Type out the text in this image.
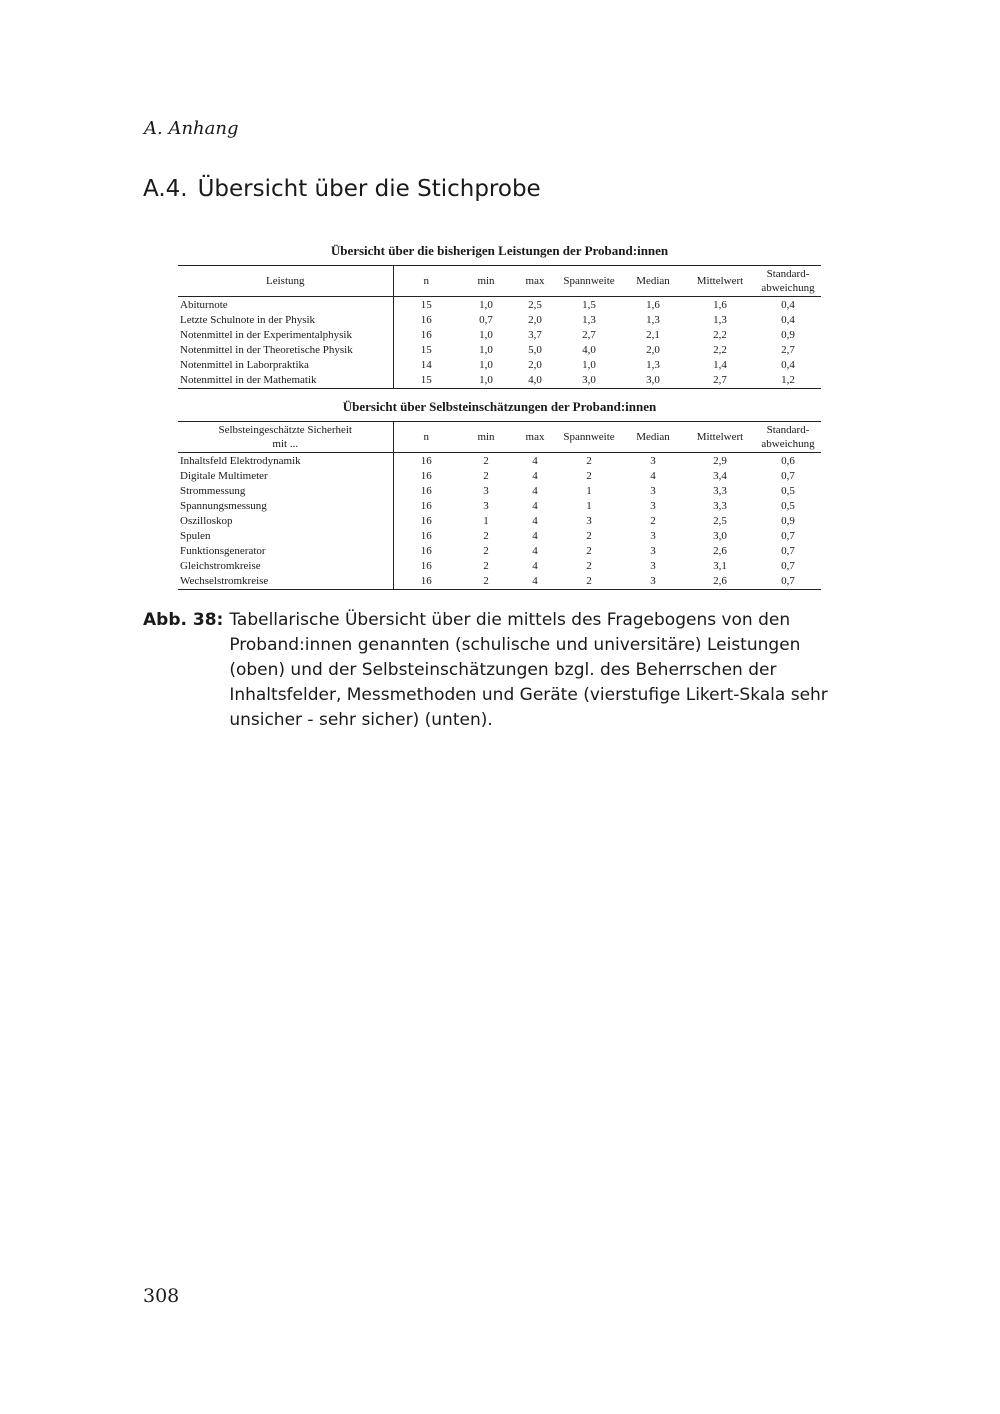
A. Anhang
A.4. Übersicht über die Stichprobe
Übersicht über die bisherigen Leistungen der Proband:innen
Leistung	n	min	max	Spannweite	Median	Mittelwert	Standard-
abweichung
Abiturnote	15	1,0	2,5	1,5	1,6	1,6	0,4
Letzte Schulnote in der Physik	16	0,7	2,0	1,3	1,3	1,3	0,4
Notenmittel in der Experimentalphysik	16	1,0	3,7	2,7	2,1	2,2	0,9
Notenmittel in der Theoretische Physik	15	1,0	5,0	4,0	2,0	2,2	2,7
Notenmittel in Laborpraktika	14	1,0	2,0	1,0	1,3	1,4	0,4
Notenmittel in der Mathematik	15	1,0	4,0	3,0	3,0	2,7	1,2
Übersicht über Selbsteinschätzungen der Proband:innen
Selbsteingeschätzte Sicherheit
mit ...	n	min	max	Spannweite	Median	Mittelwert	Standard-
abweichung
Inhaltsfeld Elektrodynamik	16	2	4	2	3	2,9	0,6
Digitale Multimeter	16	2	4	2	4	3,4	0,7
Strommessung	16	3	4	1	3	3,3	0,5
Spannungsmessung	16	3	4	1	3	3,3	0,5
Oszilloskop	16	1	4	3	2	2,5	0,9
Spulen	16	2	4	2	3	3,0	0,7
Funktionsgenerator	16	2	4	2	3	2,6	0,7
Gleichstromkreise	16	2	4	2	3	3,1	0,7
Wechselstromkreise	16	2	4	2	3	2,6	0,7
Abb. 38: Tabellarische Übersicht über die mittels des Fragebogens von den Proband:innen genannten (schulische und universitäre) Leistungen (oben) und der Selbsteinschätzungen bzgl. des Beherrschen der Inhaltsfelder, Messmethoden und Geräte (vierstufige Likert-Skala sehr unsicher - sehr sicher) (unten).
308
